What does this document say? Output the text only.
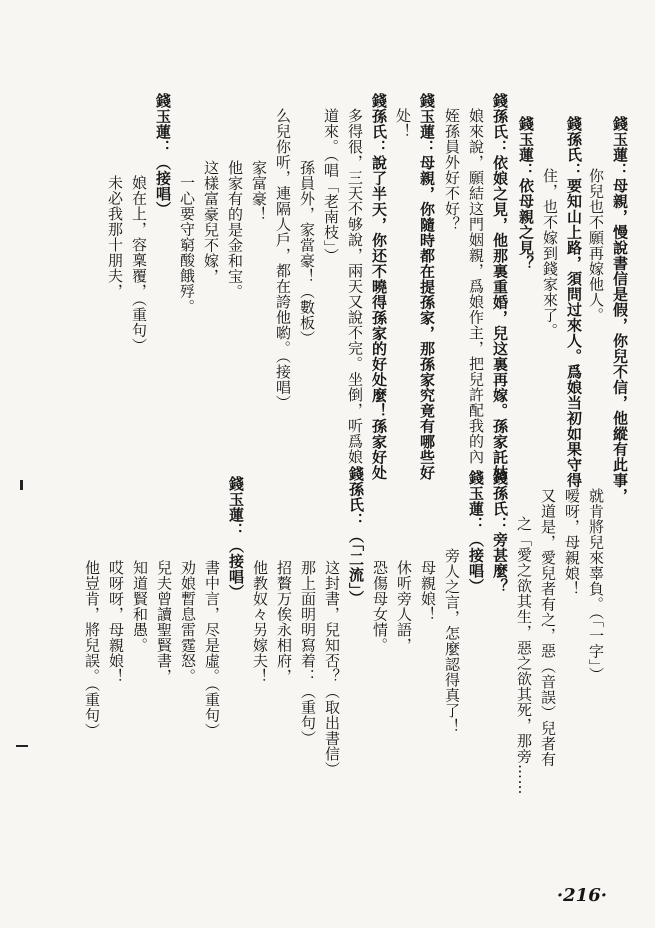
錢玉蓮：母親，慢說書信是假，你兒不信，他縱有此事，
你兒也不願再嫁他人。
錢孫氏：要知山上路，須問过來人。爲娘当初如果守得
住，也不嫁到錢家來了。
錢玉蓮：依母親之見？
錢孫氏：依娘之見，他那裏重婚，兒这裏再嫁。孫家託姑
娘來說，願結这門姻親，爲娘作主，把兒許配我的內
姪孫員外好不好？
錢玉蓮：母親，你隨時都在提孫家，那孫家究竟有哪些好
处！
錢孫氏：說了半天，你还不曉得孫家的好处麼！孫家好处
多得很，三天不够說，兩天又說不完。坐倒，听爲娘
道來。（唱「老南枝」）
孫員外，家當豪！（數板）
么兒你听，連隔人戶，都在誇他喲。（接唱）
家富豪！
他家有的是金和宝。
这樣富豪兒不嫁，
一心要守窮酸餓殍。
錢玉蓮：（接唱）
娘在上，容稟覆，（重句）
未必我那十朋夫，
就肯將兒來辜負。（「一字」）
嗳呀，母親娘！
又道是，愛兒者有之，惡（音誤）兒者有
之「愛之欲其生，惡之欲其死，那旁……
錢孫氏：旁甚麼？
錢玉蓮：（接唱）
旁人之言，怎麼認得真了！
母親娘！
休听旁人語，
恐傷母女情。
錢孫氏：（「二流」）
这封書，兒知否？（取出書信）
那上面明明寫着：（重句）
招贅万俟永相府，
他教奴々另嫁夫！
錢玉蓮：（接唱）
書中言，尽是虛。（重句）
劝娘暫息雷霆怒。
兒夫曾讀聖賢書，
知道賢和愚。
哎呀呀，母親娘！
他豈肯，將兒誤。（重句）
·216·
